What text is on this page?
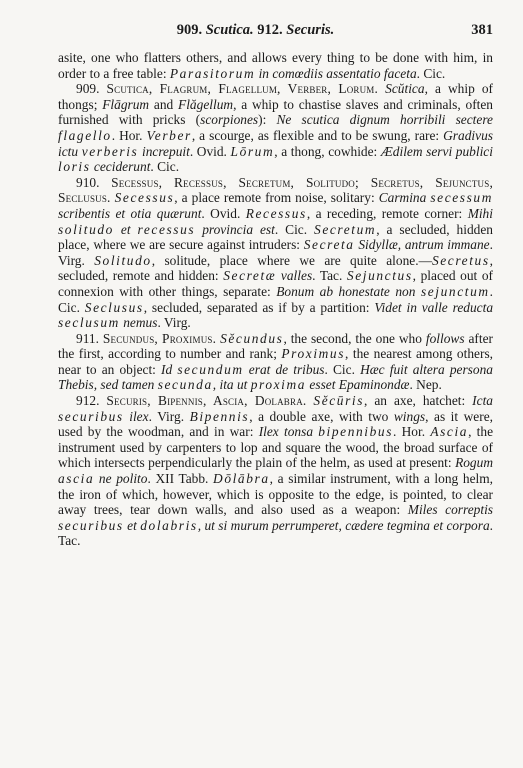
909. Scutica. 912. Securis.	381

asite, one who flatters others, and allows every thing to be done with him, in order to a free table: Parasitorum in comœdiis assentatio faceta. Cic.

909. Scutica, Flagrum, Flagellum, Verber, Lorum. Scŭtica, a whip of thongs; Flāgrum and Flăgellum, a whip to chastise slaves and criminals, often furnished with pricks (scorpiones): Ne scutica dignum horribili sectere flagello. Hor. Verber, a scourge, as flexible and to be swung, rare: Gradivus ictu verberis increpuit. Ovid. Lōrum, a thong, cowhide: Ædilem servi publici loris ceciderunt. Cic.

910. Secessus, Recessus, Secretum, Solitudo; Secretus, Sejunctus, Seclusus. Secessus, a place remote from noise, solitary: Carmina secessum scribentis et otia quærunt. Ovid. Recessus, a receding, remote corner: Mihi solitudo et recessus provincia est. Cic. Secretum, a secluded, hidden place, where we are secure against intruders: Secreta Sidyllæ, antrum immane. Virg. Solitudo, solitude, place where we are quite alone.—Secretus, secluded, remote and hidden: Secretæ valles. Tac. Sejunctus, placed out of connexion with other things, separate: Bonum ab honestate non sejunctum. Cic. Seclusus, secluded, separated as if by a partition: Videt in valle reducta seclusum nemus. Virg.

911. Secundus, Proximus. Sĕcundus, the second, the one who follows after the first, according to number and rank; Proximus, the nearest among others, near to an object: Id secundum erat de tribus. Cic. Hæc fuit altera persona Thebis, sed tamen secunda, ita ut proxima esset Epaminondæ. Nep.

912. Securis, Bipennis, Ascia, Dolabra. Sĕcūris, an axe, hatchet: Icta securibus ilex. Virg. Bipennis, a double axe, with two wings, as it were, used by the woodman, and in war: Ilex tonsa bipennibus. Hor. Ascia, the instrument used by carpenters to lop and square the wood, the broad surface of which intersects perpendicularly the plain of the helm, as used at present: Rogum ascia ne polito. XII Tabb. Dōlābra, a similar instrument, with a long helm, the iron of which, however, which is opposite to the edge, is pointed, to clear away trees, tear down walls, and also used as a weapon: Miles correptis securibus et dolabris, ut si murum perrumperet, cædere tegmina et corpora. Tac.
